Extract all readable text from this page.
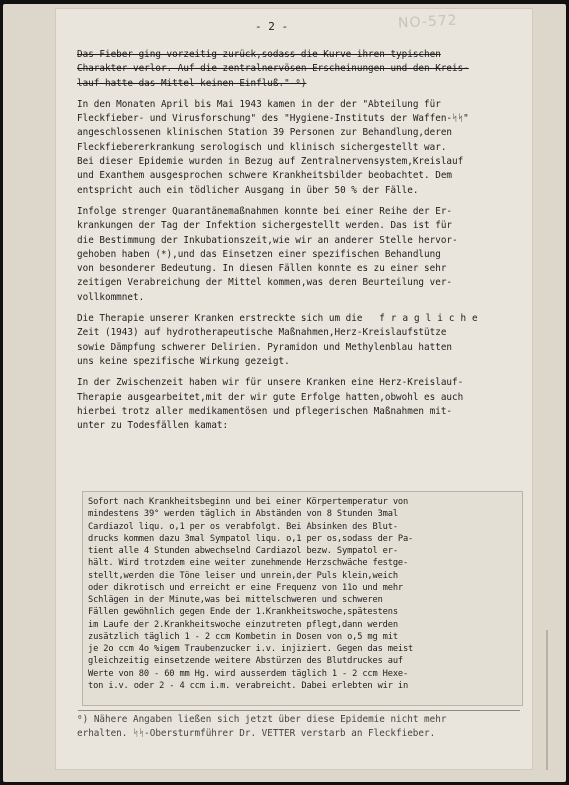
- 2 -	NO-572
Das Fieber ging vorzeitig zurück,sodass die Kurve ihren typischen
Charakter verlor. Auf die zentralnervösen Erscheinungen und den Kreis-
lauf hatte das Mittel keinen Einfluß." ⁰)
In den Monaten April bis Mai 1943 kamen in der der "Abteilung für
Fleckfieber- und Virusforschung" des "Hygiene-Instituts der Waffen-ᛋᛋ"
angeschlossenen klinischen Station 39 Personen zur Behandlung,deren
Fleckfiebererkrankung serologisch und klinisch sichergestellt war.
Bei dieser Epidemie wurden in Bezug auf Zentralnervensystem,Kreislauf
und Exanthem ausgesprochen schwere Krankheitsbilder beobachtet. Dem
entspricht auch ein tödlicher Ausgang in über 50 % der Fälle.
Infolge strenger Quarantänemaßnahmen konnte bei einer Reihe der Er-
krankungen der Tag der Infektion sichergestellt werden. Das ist für
die Bestimmung der Inkubationszeit,wie wir an anderer Stelle hervor-
gehoben haben (*),und das Einsetzen einer spezifischen Behandlung
von besonderer Bedeutung. In diesen Fällen konnte es zu einer sehr
zeitigen Verabreichung der Mittel kommen,was deren Beurteilung ver-
vollkommnet.
Die Therapie unserer Kranken erstreckte sich um die fragliche
Zeit (1943) auf hydrotherapeutische Maßnahmen,Herz-Kreislaufstütze
sowie Dämpfung schwerer Delirien. Pyramidon und Methylenblau hatten
uns keine spezifische Wirkung gezeigt.
In der Zwischenzeit haben wir für unsere Kranken eine Herz-Kreislauf-
Therapie ausgearbeitet,mit der wir gute Erfolge hatten,obwohl es auch
hierbei trotz aller medikamentösen und pflegerischen Maßnahmen mit-
unter zu Todesfällen kamat:
Sofort nach Krankheitsbeginn und bei einer Körpertemperatur von
mindestens 39° werden täglich in Abständen von 8 Stunden 3mal
Cardiazol liqu. o,1 per os verabfolgt. Bei Absinken des Blut-
drucks kommen dazu 3mal Sympatol liqu. o,1 per os,sodass der Pa-
tient alle 4 Stunden abwechselnd Cardiazol bezw. Sympatol er-
hält. Wird trotzdem eine weiter zunehmende Herzschwäche festge-
stellt,werden die Töne leiser und unrein,der Puls klein,weich
oder dikrotisch und erreicht er eine Frequenz von 11o und mehr
Schlägen in der Minute,was bei mittelschweren und schweren
Fällen gewöhnlich gegen Ende der 1.Krankheitswoche,spätestens
im Laufe der 2.Krankheitswoche einzutreten pflegt,dann werden
zusätzlich täglich 1 - 2 ccm Kombetin in Dosen von o,5 mg mit
je 2o ccm 4o %igem Traubenzucker i.v. injiziert. Gegen das meist
gleichzeitig einsetzende weitere Abstürzen des Blutdruckes auf
Werte von 80 - 60 mm Hg. wird ausserdem täglich 1 - 2 ccm Hexe-
ton i.v. oder 2 - 4 ccm i.m. verabreicht. Dabei erlebten wir in
⁰) Nähere Angaben ließen sich jetzt über diese Epidemie nicht mehr
erhalten. ᛋᛋ-Obersturmführer Dr. VETTER verstarb an Fleckfieber.
